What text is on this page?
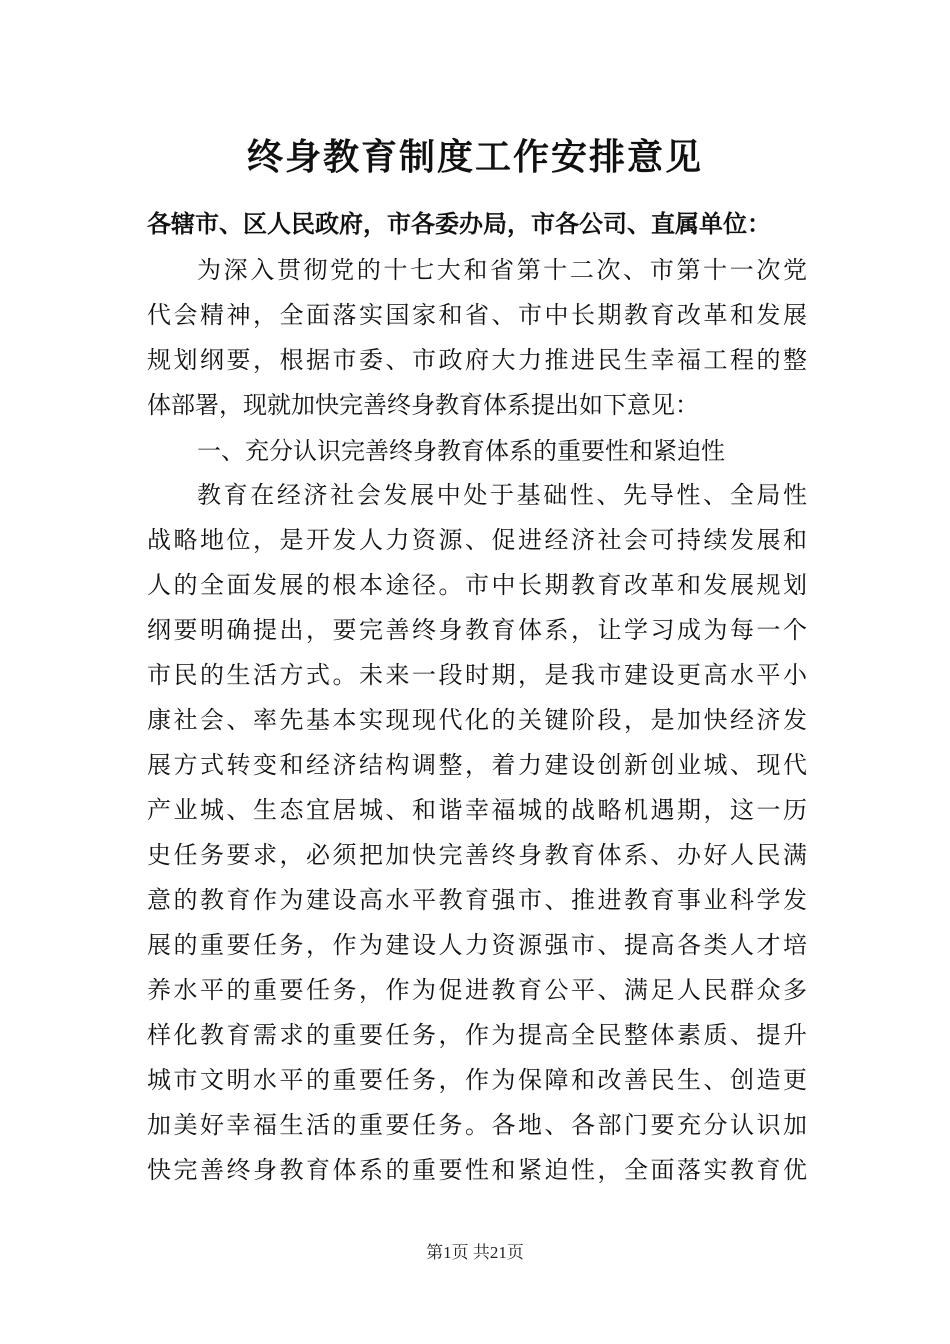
终身教育制度工作安排意见
各辖市、区人民政府，市各委办局，市各公司、直属单位：
为深入贯彻党的十七大和省第十二次、市第十一次党
代会精神，全面落实国家和省、市中长期教育改革和发展
规划纲要，根据市委、市政府大力推进民生幸福工程的整
体部署，现就加快完善终身教育体系提出如下意见：
一、充分认识完善终身教育体系的重要性和紧迫性
教育在经济社会发展中处于基础性、先导性、全局性
战略地位，是开发人力资源、促进经济社会可持续发展和
人的全面发展的根本途径。市中长期教育改革和发展规划
纲要明确提出，要完善终身教育体系，让学习成为每一个
市民的生活方式。未来一段时期，是我市建设更高水平小
康社会、率先基本实现现代化的关键阶段，是加快经济发
展方式转变和经济结构调整，着力建设创新创业城、现代
产业城、生态宜居城、和谐幸福城的战略机遇期，这一历
史任务要求，必须把加快完善终身教育体系、办好人民满
意的教育作为建设高水平教育强市、推进教育事业科学发
展的重要任务，作为建设人力资源强市、提高各类人才培
养水平的重要任务，作为促进教育公平、满足人民群众多
样化教育需求的重要任务，作为提高全民整体素质、提升
城市文明水平的重要任务，作为保障和改善民生、创造更
加美好幸福生活的重要任务。各地、各部门要充分认识加
快完善终身教育体系的重要性和紧迫性，全面落实教育优
第1页 共21页
